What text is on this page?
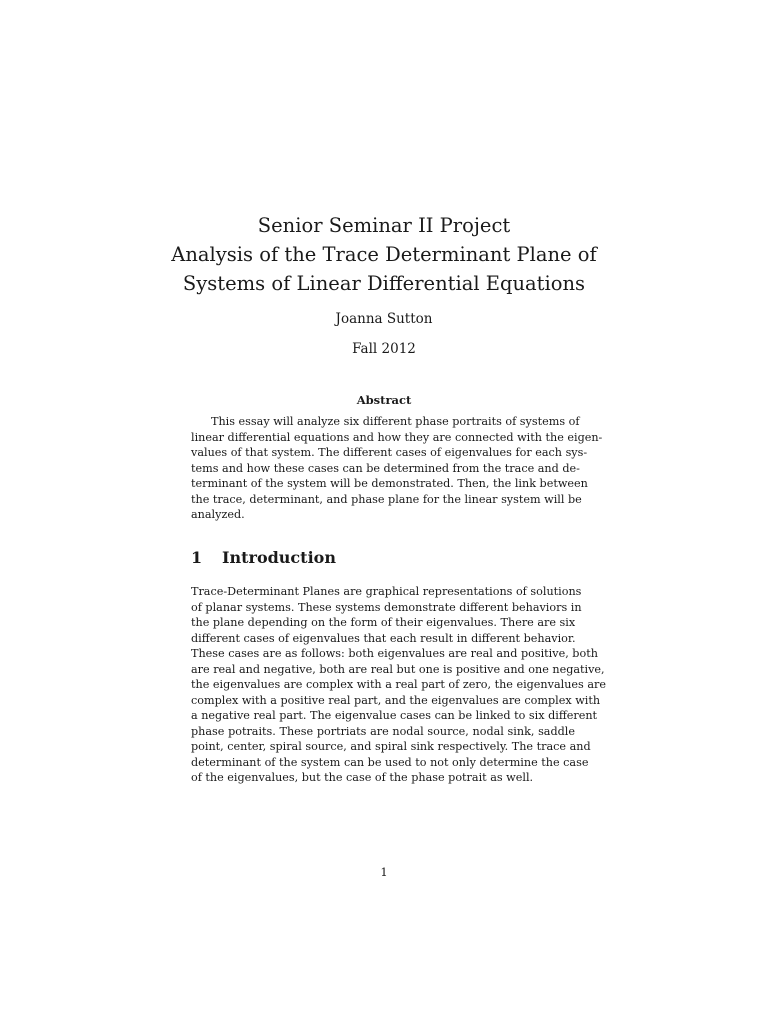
Senior Seminar II Project
Analysis of the Trace Determinant Plane of
Systems of Linear Differential Equations
Joanna Sutton
Fall 2012
Abstract
This essay will analyze six different phase portraits of systems of
linear differential equations and how they are connected with the eigen-
values of that system. The different cases of eigenvalues for each sys-
tems and how these cases can be determined from the trace and de-
terminant of the system will be demonstrated. Then, the link between
the trace, determinant, and phase plane for the linear system will be
analyzed.
1 Introduction
Trace-Determinant Planes are graphical representations of solutions
of planar systems. These systems demonstrate different behaviors in
the plane depending on the form of their eigenvalues. There are six
different cases of eigenvalues that each result in different behavior.
These cases are as follows: both eigenvalues are real and positive, both
are real and negative, both are real but one is positive and one negative,
the eigenvalues are complex with a real part of zero, the eigenvalues are
complex with a positive real part, and the eigenvalues are complex with
a negative real part. The eigenvalue cases can be linked to six different
phase potraits. These portriats are nodal source, nodal sink, saddle
point, center, spiral source, and spiral sink respectively. The trace and
determinant of the system can be used to not only determine the case
of the eigenvalues, but the case of the phase potrait as well.
1
